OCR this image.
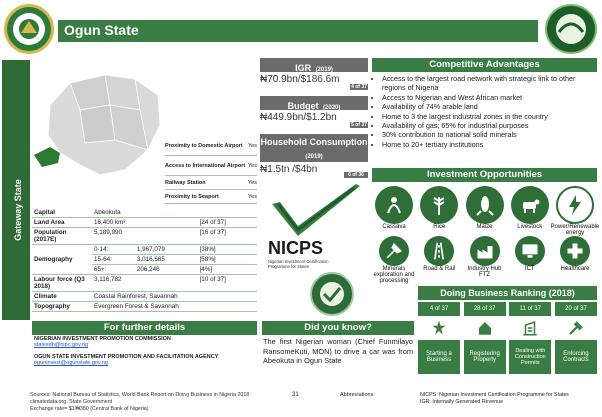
Ogun State
Gateway State
Proximity to Domestic Airport Yes
Access to International Airport Yes
Railway Station	Yes
Proximity to Seaport	Yes
Capital	Abeokuta		
Land Area	16,400 km²		[24 of 37]
Population (2017E)	5,189,990		[16 of 37]
Demography	0-14:	1,967,079	[38%]
	15-64:	3,016,665	[58%]
	65+:	206,246	[4%]
Labour force (Q3 2018)	3,116,782		[10 of 37]
Climate	Coastal Rainforest, Savannah		
Topography	Evergreen Forest & Savannah		
IGR (2019)
₦70.9bn/$186.6m
4 of 37
Budget (2020)
₦449.9bn/$1.2bn
5 of 37
Household Consumption (2019)
₦1.5tn /$4bn	6 of 36
Competitive Advantages
• Access to the largest road network with strategic link to other regions of Nigeria
• Access to Nigerian and West African market
• Availability of 74% arable land
• Home to 3 the largest industrial zones in the country
• Availability of gas; 65% for industrial purposes
• 30% contribution to national solid minerals
• Home to 20+ tertiary institutions
Investment Opportunities
Cassava	Rice	Maize	Livestock Power/Renewable energy
Minerals exploration and processing
Road & Rail	Industry Hub FTZ
ICT	Healthcare
NICPS
Nigerian Investment Certification Programme for States
Doing Business Ranking (2018)
4 of 37
Starting a Business
28 of 37
Registering Property
11 of 37
Dealing with Construction Permits
20 of 37
Enforcing Contracts
For further details
NIGERIAN INVESTMENT PROMOTION COMMISSION
statesdb@nipc.gov.ng
OGUN STATE INVESTMENT PROMOTION AND FACILITATION AGENCY
oguninvest@ogunstate.gov.ng
Did you know?
The first Nigerian woman (Chief Funmilayo RansomeKuti, MON) to drive a car was from Abeokuta in Ogun State
Sources: National Bureau of Statistics, World Bank Report on Doing Business in Nigeria 2018
climatedata.org, State Government
Exchange rate= $1/₦380 (Central Bank of Nigeria)
31	Abbreviations:	NICPS: Nigerian Investment Certification Programme for States
IGR: Internally Generated Revenue
